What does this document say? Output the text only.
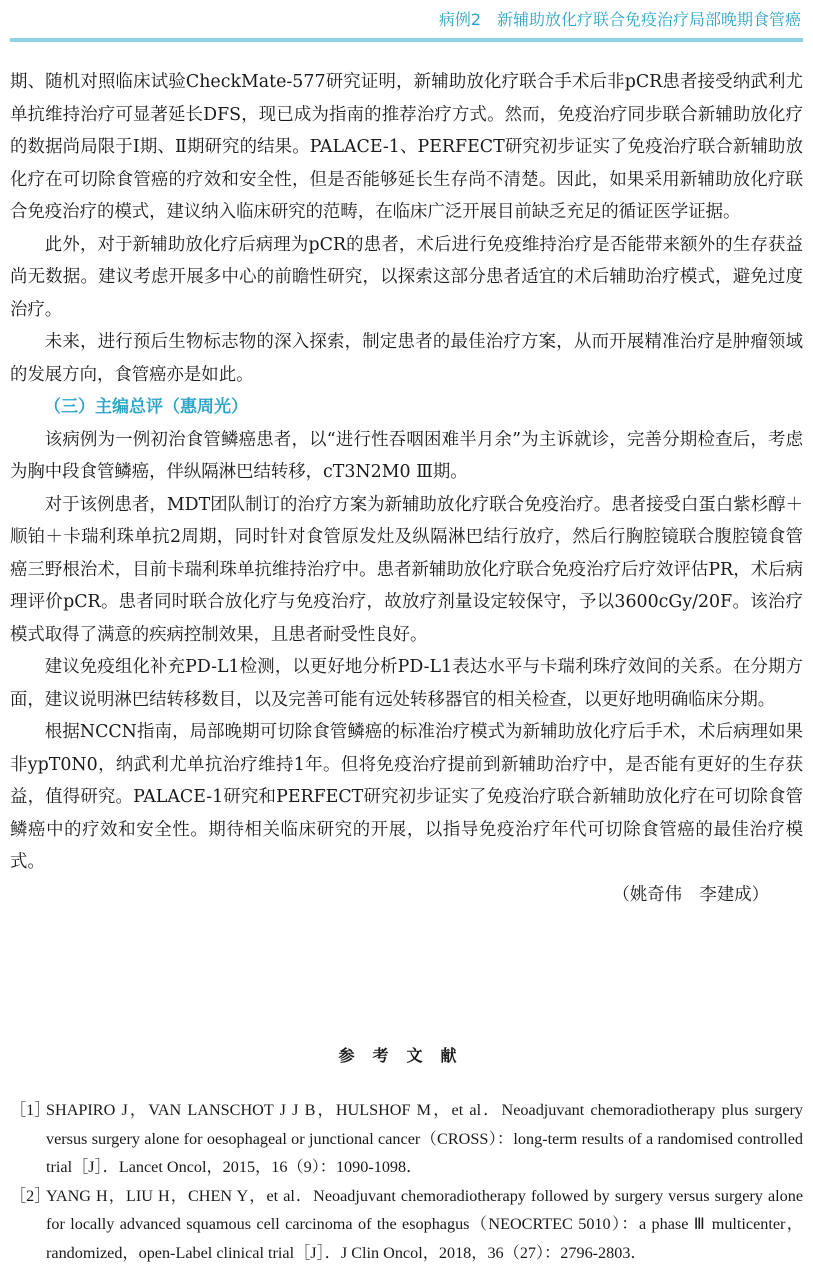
病例2　新辅助放化疗联合免疫治疗局部晚期食管癌

期、随机对照临床试验CheckMate-577研究证明，新辅助放化疗联合手术后非pCR患者接受纳武利尤单抗维持治疗可显著延长DFS，现已成为指南的推荐治疗方式。然而，免疫治疗同步联合新辅助放化疗的数据尚局限于Ⅰ期、Ⅱ期研究的结果。PALACE-1、PERFECT研究初步证实了免疫治疗联合新辅助放化疗在可切除食管癌的疗效和安全性，但是否能够延长生存尚不清楚。因此，如果采用新辅助放化疗联合免疫治疗的模式，建议纳入临床研究的范畴，在临床广泛开展目前缺乏充足的循证医学证据。

此外，对于新辅助放化疗后病理为pCR的患者，术后进行免疫维持治疗是否能带来额外的生存获益尚无数据。建议考虑开展多中心的前瞻性研究，以探索这部分患者适宜的术后辅助治疗模式，避免过度治疗。

未来，进行预后生物标志物的深入探索，制定患者的最佳治疗方案，从而开展精准治疗是肿瘤领域的发展方向，食管癌亦是如此。

（三）主编总评（惠周光）

该病例为一例初治食管鳞癌患者，以“进行性吞咽困难半月余”为主诉就诊，完善分期检查后，考虑为胸中段食管鳞癌，伴纵隔淋巴结转移，cT3N2M0 Ⅲ期。

对于该例患者，MDT团队制订的治疗方案为新辅助放化疗联合免疫治疗。患者接受白蛋白紫杉醇＋顺铂＋卡瑞利珠单抗2周期，同时针对食管原发灶及纵隔淋巴结行放疗，然后行胸腔镜联合腹腔镜食管癌三野根治术，目前卡瑞利珠单抗维持治疗中。患者新辅助放化疗联合免疫治疗后疗效评估PR，术后病理评价pCR。患者同时联合放化疗与免疫治疗，故放疗剂量设定较保守，予以3600cGy/20F。该治疗模式取得了满意的疾病控制效果，且患者耐受性良好。

建议免疫组化补充PD-L1检测，以更好地分析PD-L1表达水平与卡瑞利珠疗效间的关系。在分期方面，建议说明淋巴结转移数目，以及完善可能有远处转移器官的相关检查，以更好地明确临床分期。

根据NCCN指南，局部晚期可切除食管鳞癌的标准治疗模式为新辅助放化疗后手术，术后病理如果非ypT0N0，纳武利尤单抗治疗维持1年。但将免疫治疗提前到新辅助治疗中，是否能有更好的生存获益，值得研究。PALACE-1研究和PERFECT研究初步证实了免疫治疗联合新辅助放化疗在可切除食管鳞癌中的疗效和安全性。期待相关临床研究的开展，以指导免疫治疗年代可切除食管癌的最佳治疗模式。

（姚奇伟　李建成）

参考文献
［1］
SHAPIRO J，VAN LANSCHOT J J B，HULSHOF M，et al．Neoadjuvant chemoradiotherapy plus surgery versus surgery alone for oesophageal or junctional cancer（CROSS）：long-term results of a randomised controlled trial［J］．Lancet Oncol，2015，16（9）：1090-1098．
［2］
YANG H，LIU H，CHEN Y，et al．Neoadjuvant chemoradiotherapy followed by surgery versus surgery alone for locally advanced squamous cell carcinoma of the esophagus（NEOCRTEC 5010）：a phase Ⅲ multicenter，randomized，open-Label clinical trial［J］．J Clin Oncol，2018，36（27）：2796-2803．
